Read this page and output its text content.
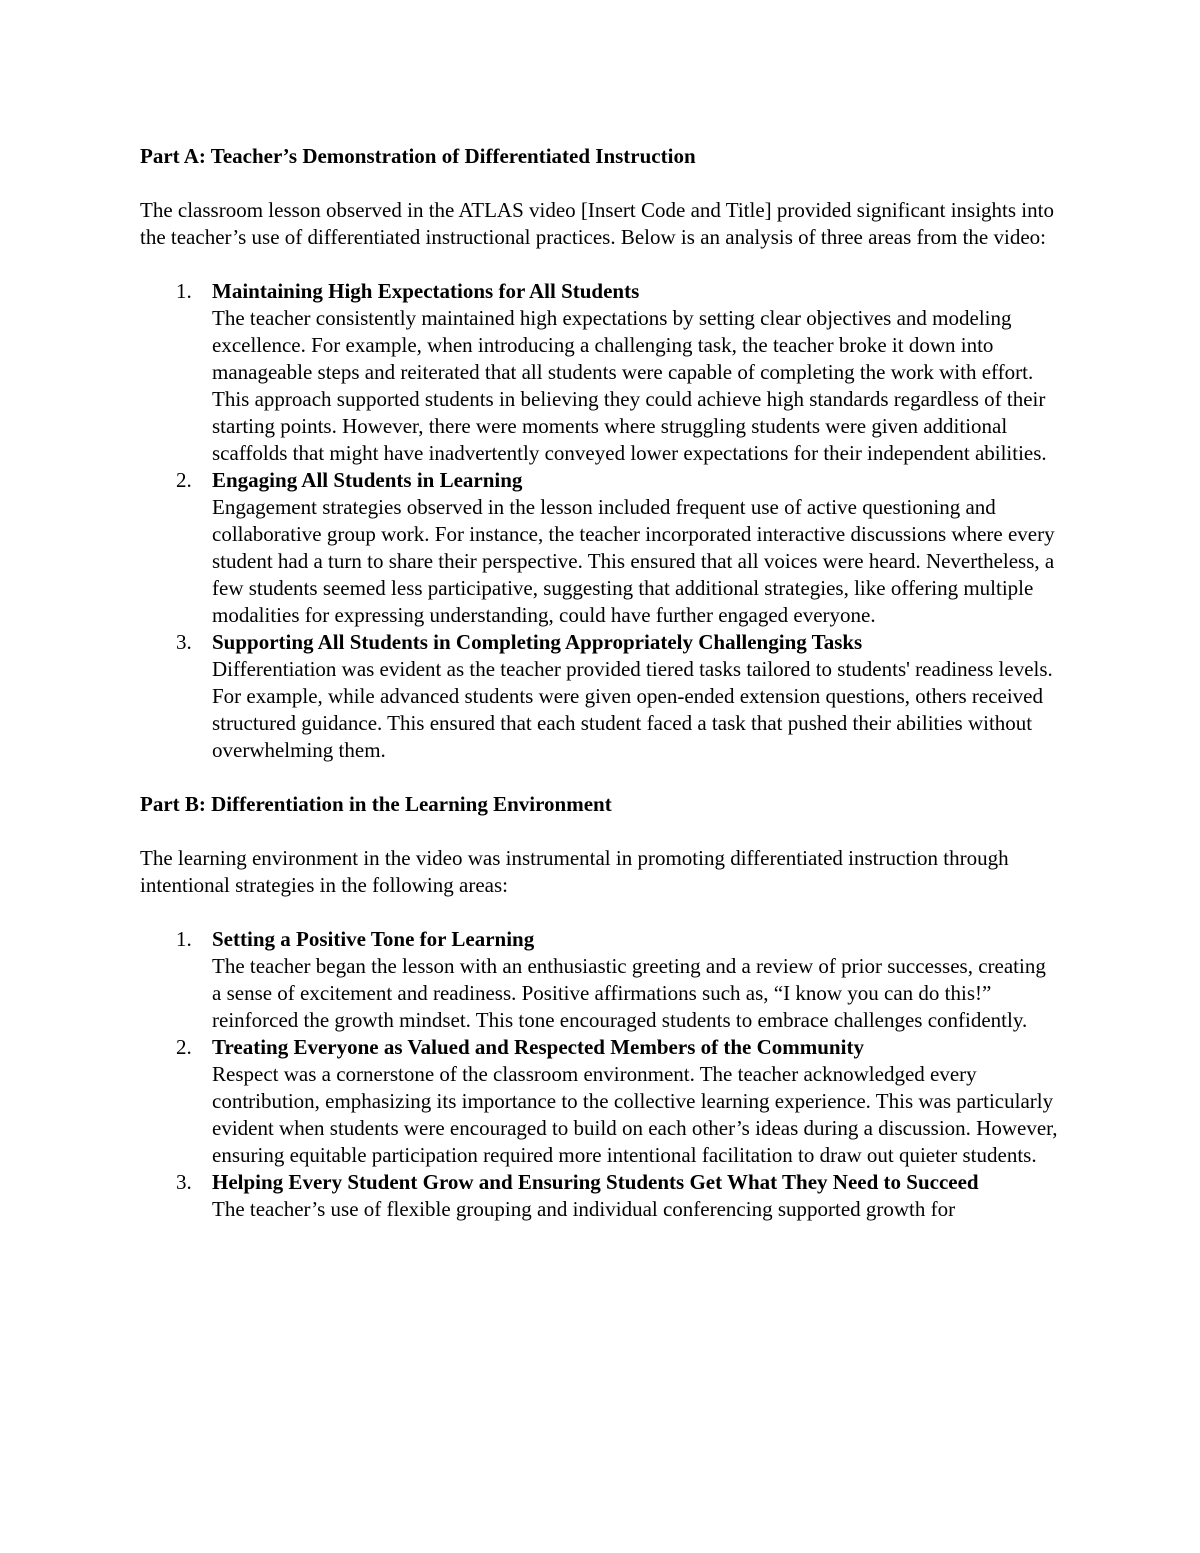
Part A: Teacher’s Demonstration of Differentiated Instruction

The classroom lesson observed in the ATLAS video [Insert Code and Title] provided significant insights into the teacher’s use of differentiated instructional practices. Below is an analysis of three areas from the video:

1. Maintaining High Expectations for All Students
The teacher consistently maintained high expectations by setting clear objectives and modeling excellence. For example, when introducing a challenging task, the teacher broke it down into manageable steps and reiterated that all students were capable of completing the work with effort. This approach supported students in believing they could achieve high standards regardless of their starting points. However, there were moments where struggling students were given additional scaffolds that might have inadvertently conveyed lower expectations for their independent abilities.
2. Engaging All Students in Learning
Engagement strategies observed in the lesson included frequent use of active questioning and collaborative group work. For instance, the teacher incorporated interactive discussions where every student had a turn to share their perspective. This ensured that all voices were heard. Nevertheless, a few students seemed less participative, suggesting that additional strategies, like offering multiple modalities for expressing understanding, could have further engaged everyone.
3. Supporting All Students in Completing Appropriately Challenging Tasks
Differentiation was evident as the teacher provided tiered tasks tailored to students' readiness levels. For example, while advanced students were given open-ended extension questions, others received structured guidance. This ensured that each student faced a task that pushed their abilities without overwhelming them.

Part B: Differentiation in the Learning Environment

The learning environment in the video was instrumental in promoting differentiated instruction through intentional strategies in the following areas:

1. Setting a Positive Tone for Learning
The teacher began the lesson with an enthusiastic greeting and a review of prior successes, creating a sense of excitement and readiness. Positive affirmations such as, “I know you can do this!” reinforced the growth mindset. This tone encouraged students to embrace challenges confidently.
2. Treating Everyone as Valued and Respected Members of the Community
Respect was a cornerstone of the classroom environment. The teacher acknowledged every contribution, emphasizing its importance to the collective learning experience. This was particularly evident when students were encouraged to build on each other’s ideas during a discussion. However, ensuring equitable participation required more intentional facilitation to draw out quieter students.
3. Helping Every Student Grow and Ensuring Students Get What They Need to Succeed
The teacher’s use of flexible grouping and individual conferencing supported growth for
